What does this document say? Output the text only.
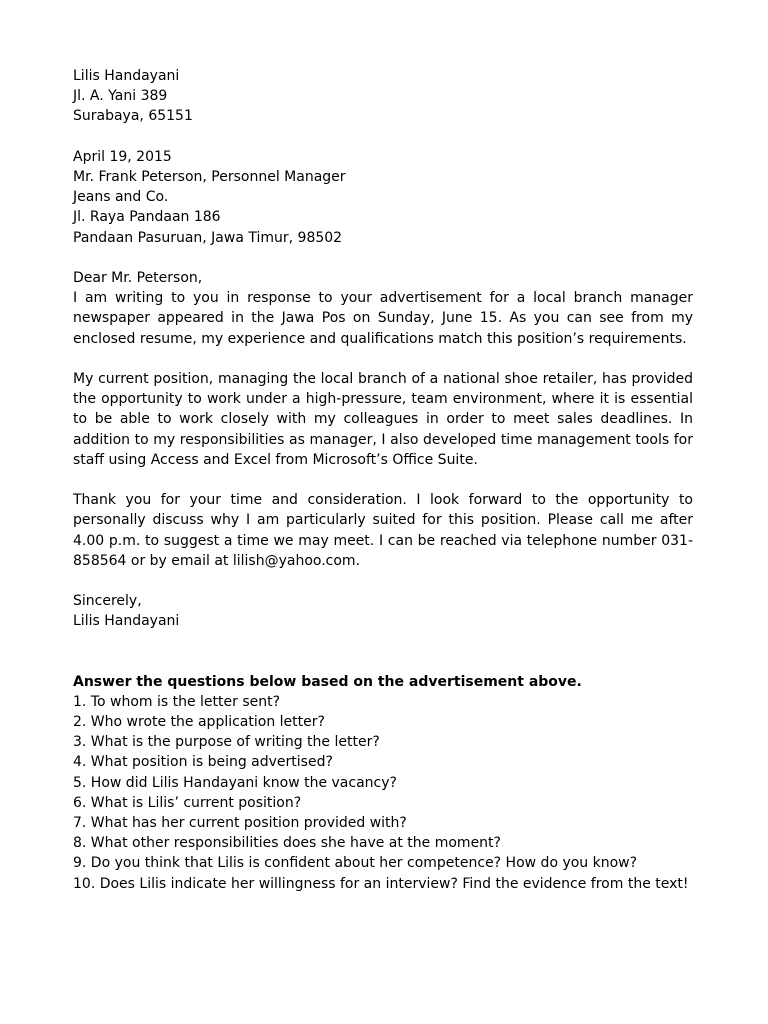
Lilis Handayani
Jl. A. Yani 389
Surabaya, 65151
April 19, 2015
Mr. Frank Peterson, Personnel Manager
Jeans and Co.
Jl. Raya Pandaan 186
Pandaan Pasuruan, Jawa Timur, 98502
Dear Mr. Peterson,
I am writing to you in response to your advertisement for a local branch manager newspaper appeared in the Jawa Pos on Sunday, June 15. As you can see from my enclosed resume, my experience and qualifications match this position’s requirements.
My current position, managing the local branch of a national shoe retailer, has provided the opportunity to work under a high-pressure, team environment, where it is essential to be able to work closely with my colleagues in order to meet sales deadlines. In addition to my responsibilities as manager, I also developed time management tools for staff using Access and Excel from Microsoft’s Office Suite.
Thank you for your time and consideration. I look forward to the opportunity to personally discuss why I am particularly suited for this position. Please call me after 4.00 p.m. to suggest a time we may meet. I can be reached via telephone number 031-858564 or by email at lilish@yahoo.com.
Sincerely,
Lilis Handayani
Answer the questions below based on the advertisement above.
1. To whom is the letter sent?
2. Who wrote the application letter?
3. What is the purpose of writing the letter?
4. What position is being advertised?
5. How did Lilis Handayani know the vacancy?
6. What is Lilis’ current position?
7. What has her current position provided with?
8. What other responsibilities does she have at the moment?
9. Do you think that Lilis is confident about her competence? How do you know?
10. Does Lilis indicate her willingness for an interview? Find the evidence from the text!
